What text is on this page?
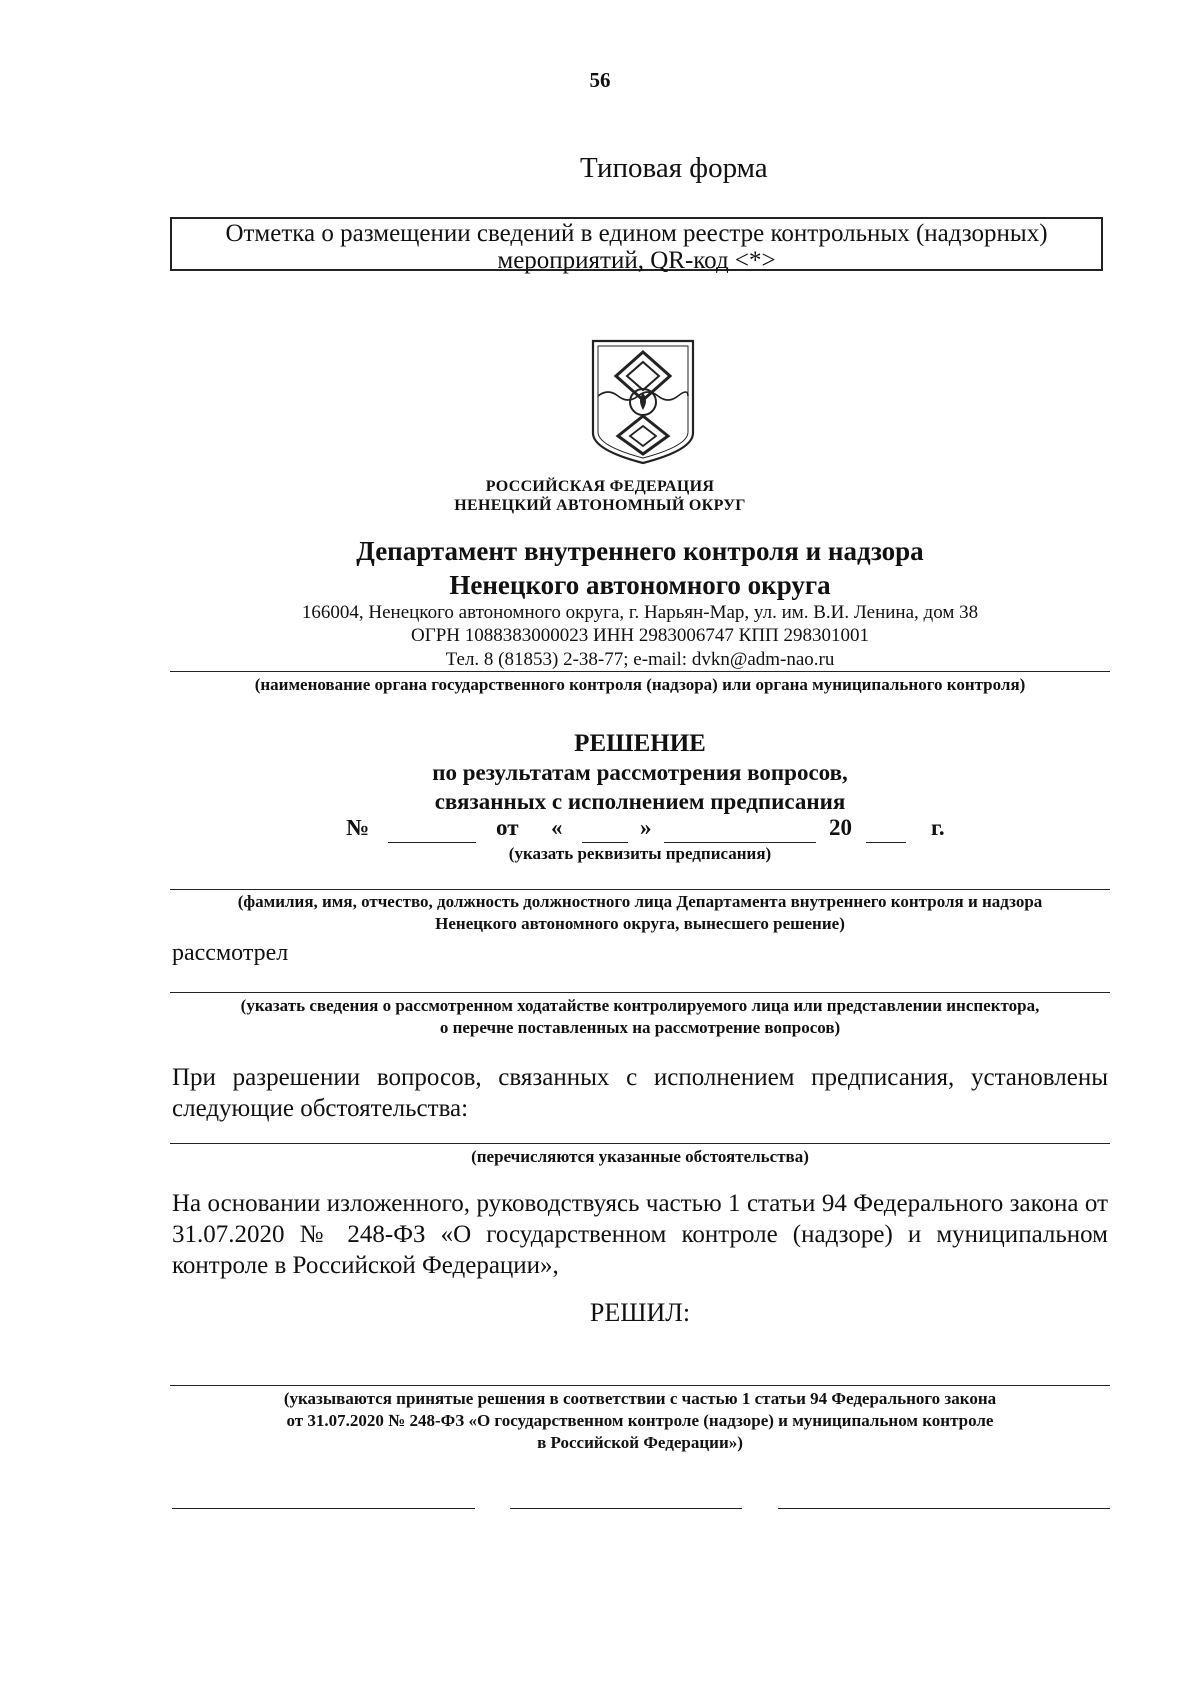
56
Типовая форма
Отметка о размещении сведений в едином реестре контрольных (надзорных)
мероприятий, QR-код <*>
РОССИЙСКАЯ ФЕДЕРАЦИЯ
НЕНЕЦКИЙ АВТОНОМНЫЙ ОКРУГ
Департамент внутреннего контроля и надзора
Ненецкого автономного округа
166004, Ненецкого автономного округа, г. Нарьян-Мар, ул. им. В.И. Ленина, дом 38
ОГРН 1088383000023 ИНН 2983006747 КПП 298301001
Тел. 8 (81853) 2-38-77; e-mail: dvkn@adm-nao.ru
(наименование органа государственного контроля (надзора) или органа муниципального контроля)
РЕШЕНИЕ
по результатам рассмотрения вопросов,
связанных с исполнением предписания
№	от «	»	20	г.
(указать реквизиты предписания)
(фамилия, имя, отчество, должность должностного лица Департамента внутреннего контроля и надзора
Ненецкого автономного округа, вынесшего решение)
рассмотрел
(указать сведения о рассмотренном ходатайстве контролируемого лица или представлении инспектора,
о перечне поставленных на рассмотрение вопросов)
При разрешении вопросов, связанных с исполнением предписания, установлены следующие обстоятельства:
(перечисляются указанные обстоятельства)
На основании изложенного, руководствуясь частью 1 статьи 94 Федерального закона от 31.07.2020 № 248-ФЗ «О государственном контроле (надзоре) и муниципальном контроле в Российской Федерации»,
РЕШИЛ:
(указываются принятые решения в соответствии с частью 1 статьи 94 Федерального закона
от 31.07.2020 № 248-ФЗ «О государственном контроле (надзоре) и муниципальном контроле
в Российской Федерации»)
